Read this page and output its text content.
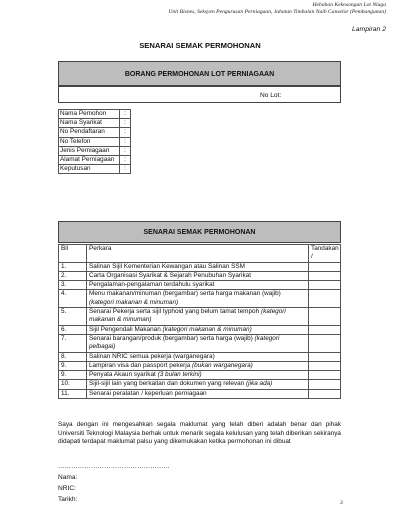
Hebahan Kekosongan Lot Niaga
Unit Bisnes, Seksyen Pengurusan Perniagaan, Jabatan Timbalan Naib Canselor (Pembangunan)
Lampiran 2
SENARAI SEMAK PERMOHONAN
BORANG PERMOHONAN LOT PERNIAGAAN
No Lot:
Nama Pemohon	:
Nama Syarikat	:
No Pendaftaran	:
No Telefon	:
Jenis Perniagaan	:
Alamat Perniagaan	:
Keputusan	:
SENARAI SEMAK PERMOHONAN
Bil	Perkara	Tandakan /
1.	Salinan Sijil Kementerian Kewangan atau Salinan SSM	
2.	Carta Organisasi Syarikat & Sejarah Penubuhan Syarikat	
3.	Pengalaman-pengalaman terdahulu syarikat	
4.	Menu makanan/minuman (bergambar) serta harga makanan (wajib) (kategori makanan & minuman)	
5.	Senarai Pekerja serta sijil typhoid yang belum tamat tempoh (kategori makanan & minuman)	
6.	Sijil Pengendali Makanan (kategori makanan & minuman)	
7.	Senarai barangan/produk (bergambar) serta harga (wajib) (kategori pelbagai)	
8.	Salinan NRIC semua pekerja (warganegara)	
9.	Lampiran visa dan passport pekerja (bukan warganegara)	
9.	Penyata Akaun syarikat (3 bulan terkini)	
10.	Sijil-sijil lain yang berkaitan dan dokumen yang relevan (jika ada)	
11.	Senarai peralatan / keperluan perniagaan	
Saya dengan ini mengesahkan segala maklumat yang telah diberi adalah benar dan pihak Universiti Teknologi Malaysia berhak untuk menarik segala kelulusan yang telah diberikan sekiranya didapati terdapat maklumat palsu yang dikemukakan ketika permohonan ini dibuat
……………………………………………
Nama:
NRIC:
Tarikh:	3
